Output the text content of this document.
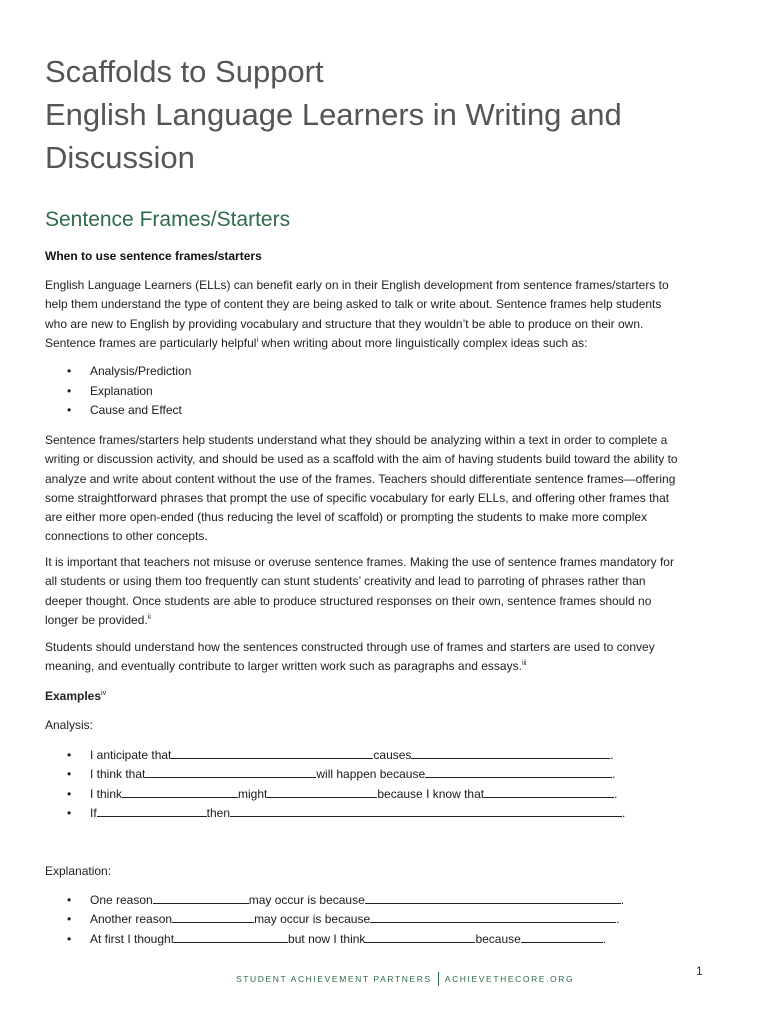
Scaffolds to Support
English Language Learners in Writing and
Discussion
Sentence Frames/Starters
When to use sentence frames/starters
English Language Learners (ELLs) can benefit early on in their English development from sentence frames/starters to
help them understand the type of content they are being asked to talk or write about. Sentence frames help students
who are new to English by providing vocabulary and structure that they wouldn’t be able to produce on their own.
Sentence frames are particularly helpful$^i$ when writing about more linguistically complex ideas such as:
• Analysis/Prediction
• Explanation
• Cause and Effect
Sentence frames/starters help students understand what they should be analyzing within a text in order to complete a
writing or discussion activity, and should be used as a scaffold with the aim of having students build toward the ability to
analyze and write about content without the use of the frames. Teachers should differentiate sentence frames—offering
some straightforward phrases that prompt the use of specific vocabulary for early ELLs, and offering other frames that
are either more open-ended (thus reducing the level of scaffold) or prompting the students to make more complex
connections to other concepts.
It is important that teachers not misuse or overuse sentence frames. Making the use of sentence frames mandatory for
all students or using them too frequently can stunt students’ creativity and lead to parroting of phrases rather than
deeper thought. Once students are able to produce structured responses on their own, sentence frames should no
longer be provided.$^{ii}$
Students should understand how the sentences constructed through use of frames and starters are used to convey
meaning, and eventually contribute to larger written work such as paragraphs and essays.$^{iii}$
Examples$^{iv}$
Analysis:
• I anticipate that	causes	.
• I think that	will happen because	.
• I think	might	because I know that	.
• If	then	.
Explanation:
• One reason	may occur is because	.
• Another reason	may occur is because	.
• At first I thought	but now I think	because	.
1
STUDENT ACHIEVEMENT PARTNERS ACHIEVETHECORE.ORG
